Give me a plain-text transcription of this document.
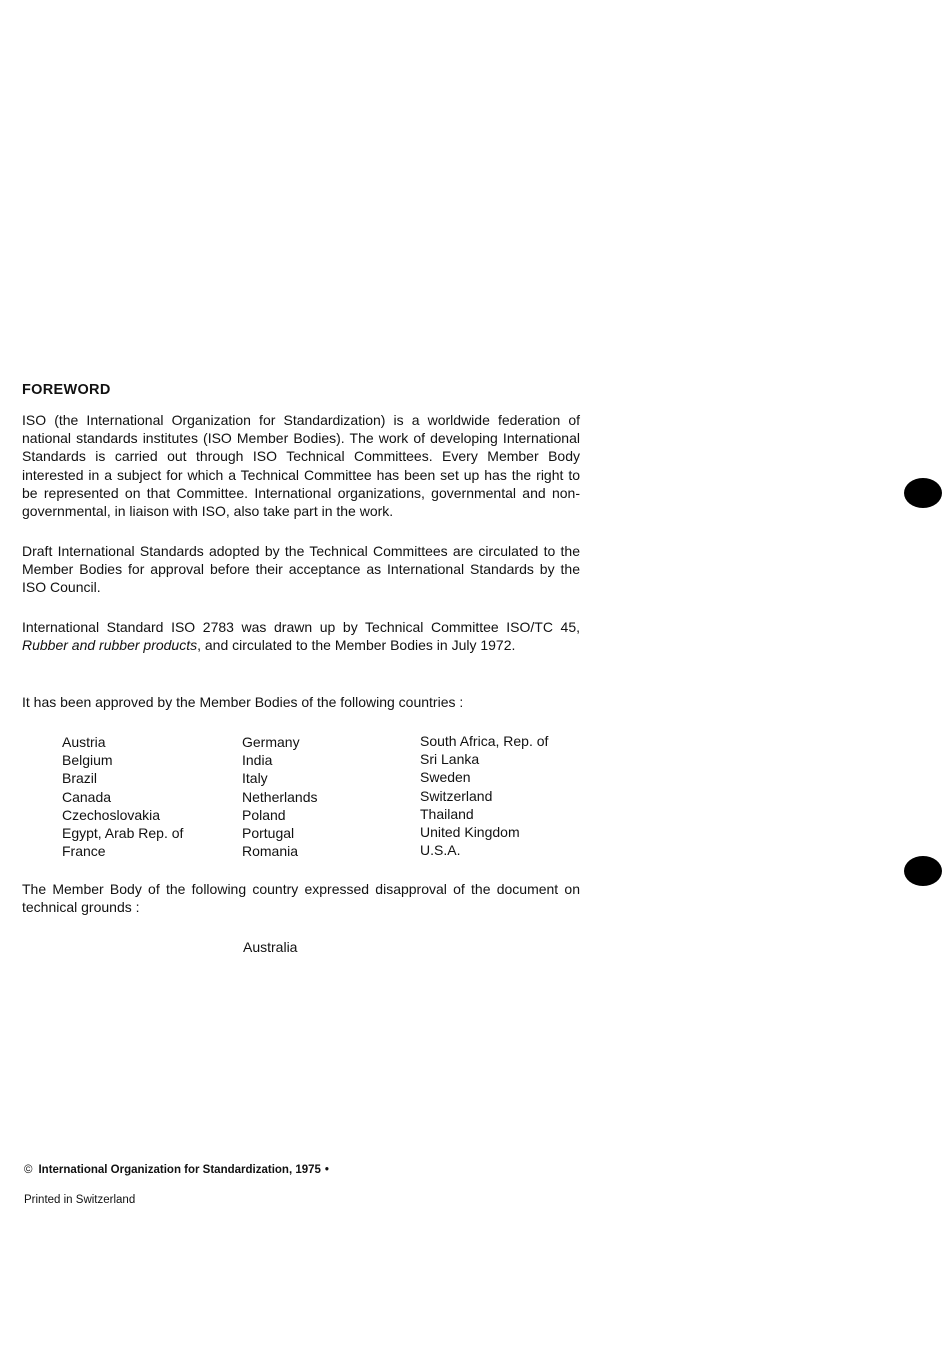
FOREWORD

ISO (the International Organization for Standardization) is a worldwide federation of national standards institutes (ISO Member Bodies). The work of developing International Standards is carried out through ISO Technical Committees. Every Member Body interested in a subject for which a Technical Committee has been set up has the right to be represented on that Committee. International organizations, governmental and non-governmental, in liaison with ISO, also take part in the work.

Draft International Standards adopted by the Technical Committees are circulated to the Member Bodies for approval before their acceptance as International Standards by the ISO Council.

International Standard ISO 2783 was drawn up by Technical Committee ISO/TC 45, Rubber and rubber products, and circulated to the Member Bodies in July 1972.

It has been approved by the Member Bodies of the following countries :

Austria
Belgium
Brazil
Canada
Czechoslovakia
Egypt, Arab Rep. of
France
Germany
India
Italy
Netherlands
Poland
Portugal
Romania
South Africa, Rep. of
Sri Lanka
Sweden
Switzerland
Thailand
United Kingdom
U.S.A.

The Member Body of the following country expressed disapproval of the document on technical grounds :

Australia
© International Organization for Standardization, 1975 •
Printed in Switzerland
